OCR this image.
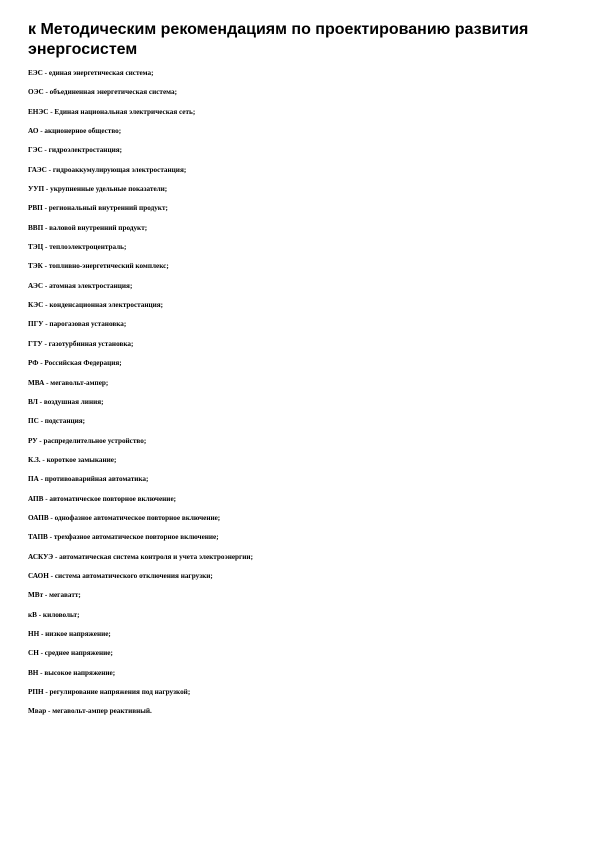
к Методическим рекомендациям по проектированию развития энергосистем
ЕЭС - единая энергетическая система;
ОЭС - объединенная энергетическая система;
ЕНЭС - Единая национальная электрическая сеть;
АО - акционерное общество;
ГЭС - гидроэлектростанция;
ГАЭС - гидроаккумулирующая электростанция;
УУП - укрупненные удельные показатели;
РВП - региональный внутренний продукт;
ВВП - валовой внутренний продукт;
ТЭЦ - теплоэлектроцентраль;
ТЭК - топливно-энергетический комплекс;
АЭС - атомная электростанция;
КЭС - конденсационная электростанция;
ПГУ - парогазовая установка;
ГТУ - газотурбинная установка;
РФ - Российская Федерация;
МВА - мегавольт-ампер;
ВЛ - воздушная линия;
ПС - подстанция;
РУ - распределительное устройство;
К.З. - короткое замыкание;
ПА - противоаварийная автоматика;
АПВ - автоматическое повторное включение;
ОАПВ - однофазное автоматическое повторное включение;
ТАПВ - трехфазное автоматическое повторное включение;
АСКУЭ - автоматическая система контроля и учета электроэнергии;
САОН - система автоматического отключения нагрузки;
МВт - мегаватт;
кВ - киловольт;
НН - низкое напряжение;
СН - среднее напряжение;
ВН - высокое напряжение;
РПН - регулирование напряжения под нагрузкой;
Мвар - мегавольт-ампер реактивный.
